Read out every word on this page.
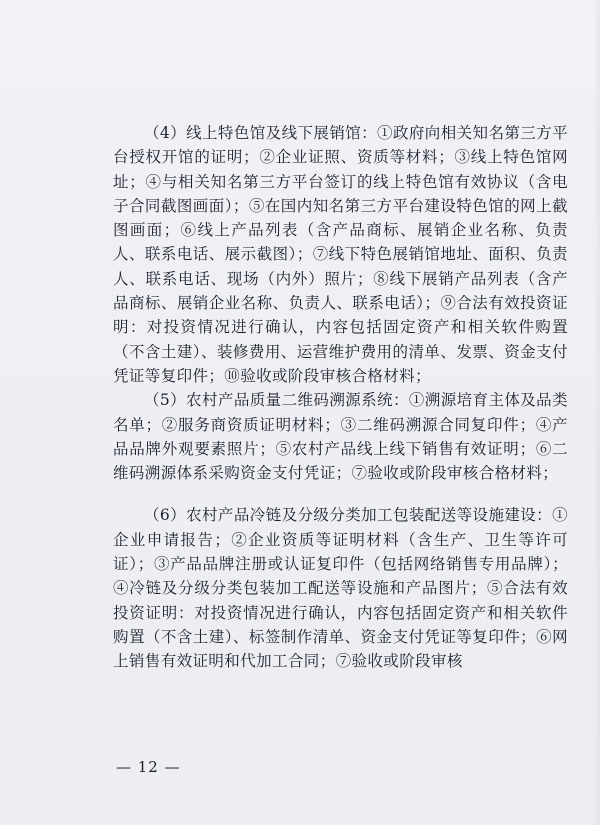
（4）线上特色馆及线下展销馆：①政府向相关知名第三方平台授权开馆的证明；②企业证照、资质等材料；③线上特色馆网址；④与相关知名第三方平台签订的线上特色馆有效协议（含电子合同截图画面）；⑤在国内知名第三方平台建设特色馆的网上截图画面；⑥线上产品列表（含产品商标、展销企业名称、负责人、联系电话、展示截图）；⑦线下特色展销馆地址、面积、负责人、联系电话、现场（内外）照片；⑧线下展销产品列表（含产品商标、展销企业名称、负责人、联系电话）；⑨合法有效投资证明：对投资情况进行确认，内容包括固定资产和相关软件购置（不含土建）、装修费用、运营维护费用的清单、发票、资金支付凭证等复印件；⑩验收或阶段审核合格材料；

（5）农村产品质量二维码溯源系统：①溯源培育主体及品类名单；②服务商资质证明材料；③二维码溯源合同复印件；④产品品牌外观要素照片；⑤农村产品线上线下销售有效证明；⑥二维码溯源体系采购资金支付凭证；⑦验收或阶段审核合格材料；

（6）农村产品冷链及分级分类加工包装配送等设施建设：①企业申请报告；②企业资质等证明材料（含生产、卫生等许可证）；③产品品牌注册或认证复印件（包括网络销售专用品牌）；④冷链及分级分类包装加工配送等设施和产品图片；⑤合法有效投资证明：对投资情况进行确认，内容包括固定资产和相关软件购置（不含土建）、标签制作清单、资金支付凭证等复印件；⑥网上销售有效证明和代加工合同；⑦验收或阶段审核

— 12 —
